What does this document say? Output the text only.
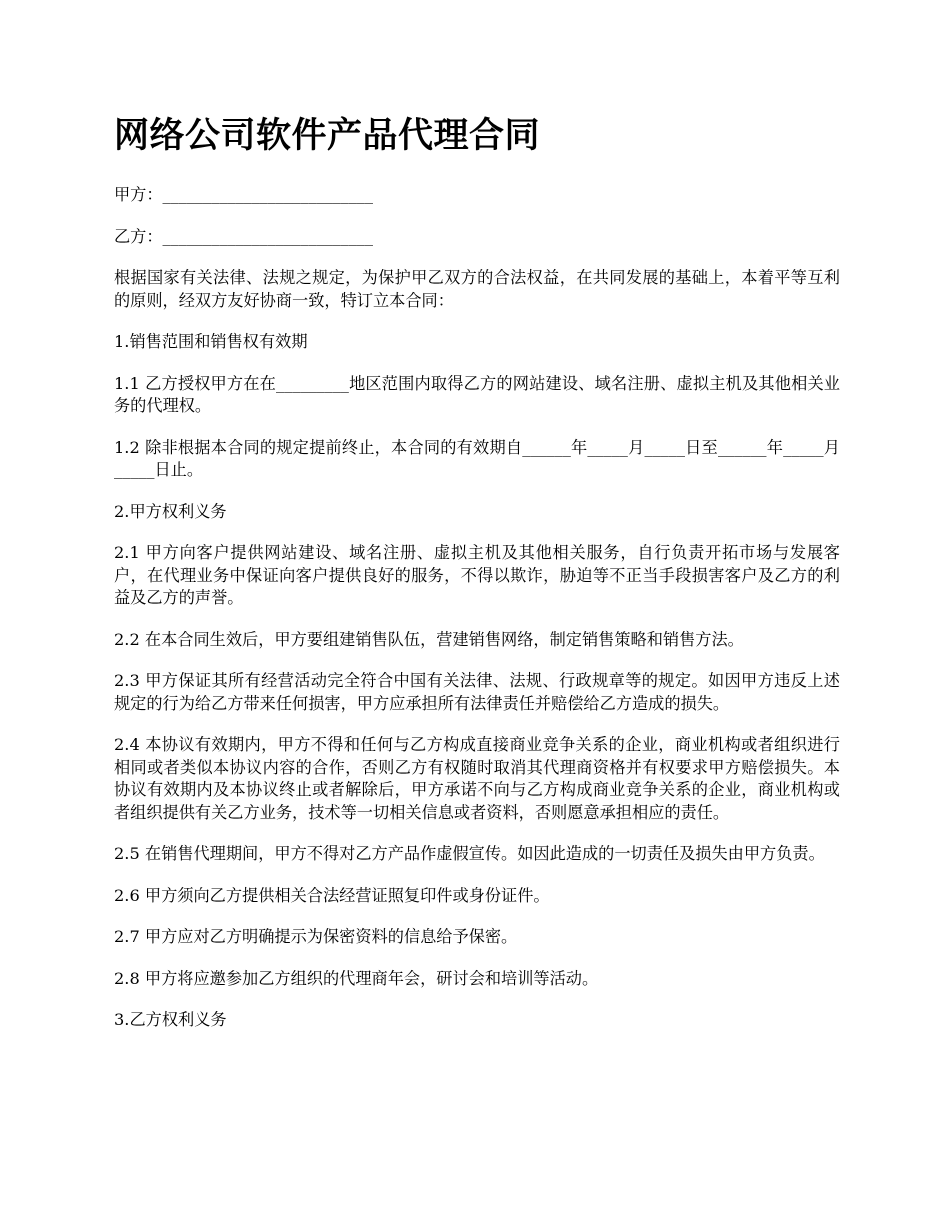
网络公司软件产品代理合同

甲方：__________________________

乙方：__________________________

根据国家有关法律、法规之规定，为保护甲乙双方的合法权益，在共同发展的基础上，本着平等互利的原则，经双方友好协商一致，特订立本合同：

1.销售范围和销售权有效期

1.1 乙方授权甲方在在_________地区范围内取得乙方的网站建设、域名注册、虚拟主机及其他相关业务的代理权。

1.2 除非根据本合同的规定提前终止，本合同的有效期自______年_____月_____日至______年_____月_____日止。

2.甲方权利义务

2.1 甲方向客户提供网站建设、域名注册、虚拟主机及其他相关服务，自行负责开拓市场与发展客户，在代理业务中保证向客户提供良好的服务，不得以欺诈，胁迫等不正当手段损害客户及乙方的利益及乙方的声誉。

2.2 在本合同生效后，甲方要组建销售队伍，营建销售网络，制定销售策略和销售方法。

2.3 甲方保证其所有经营活动完全符合中国有关法律、法规、行政规章等的规定。如因甲方违反上述规定的行为给乙方带来任何损害，甲方应承担所有法律责任并赔偿给乙方造成的损失。

2.4 本协议有效期内，甲方不得和任何与乙方构成直接商业竞争关系的企业，商业机构或者组织进行相同或者类似本协议内容的合作，否则乙方有权随时取消其代理商资格并有权要求甲方赔偿损失。本协议有效期内及本协议终止或者解除后，甲方承诺不向与乙方构成商业竞争关系的企业，商业机构或者组织提供有关乙方业务，技术等一切相关信息或者资料，否则愿意承担相应的责任。

2.5 在销售代理期间，甲方不得对乙方产品作虚假宣传。如因此造成的一切责任及损失由甲方负责。

2.6 甲方须向乙方提供相关合法经营证照复印件或身份证件。

2.7 甲方应对乙方明确提示为保密资料的信息给予保密。

2.8 甲方将应邀参加乙方组织的代理商年会，研讨会和培训等活动。

3.乙方权利义务
